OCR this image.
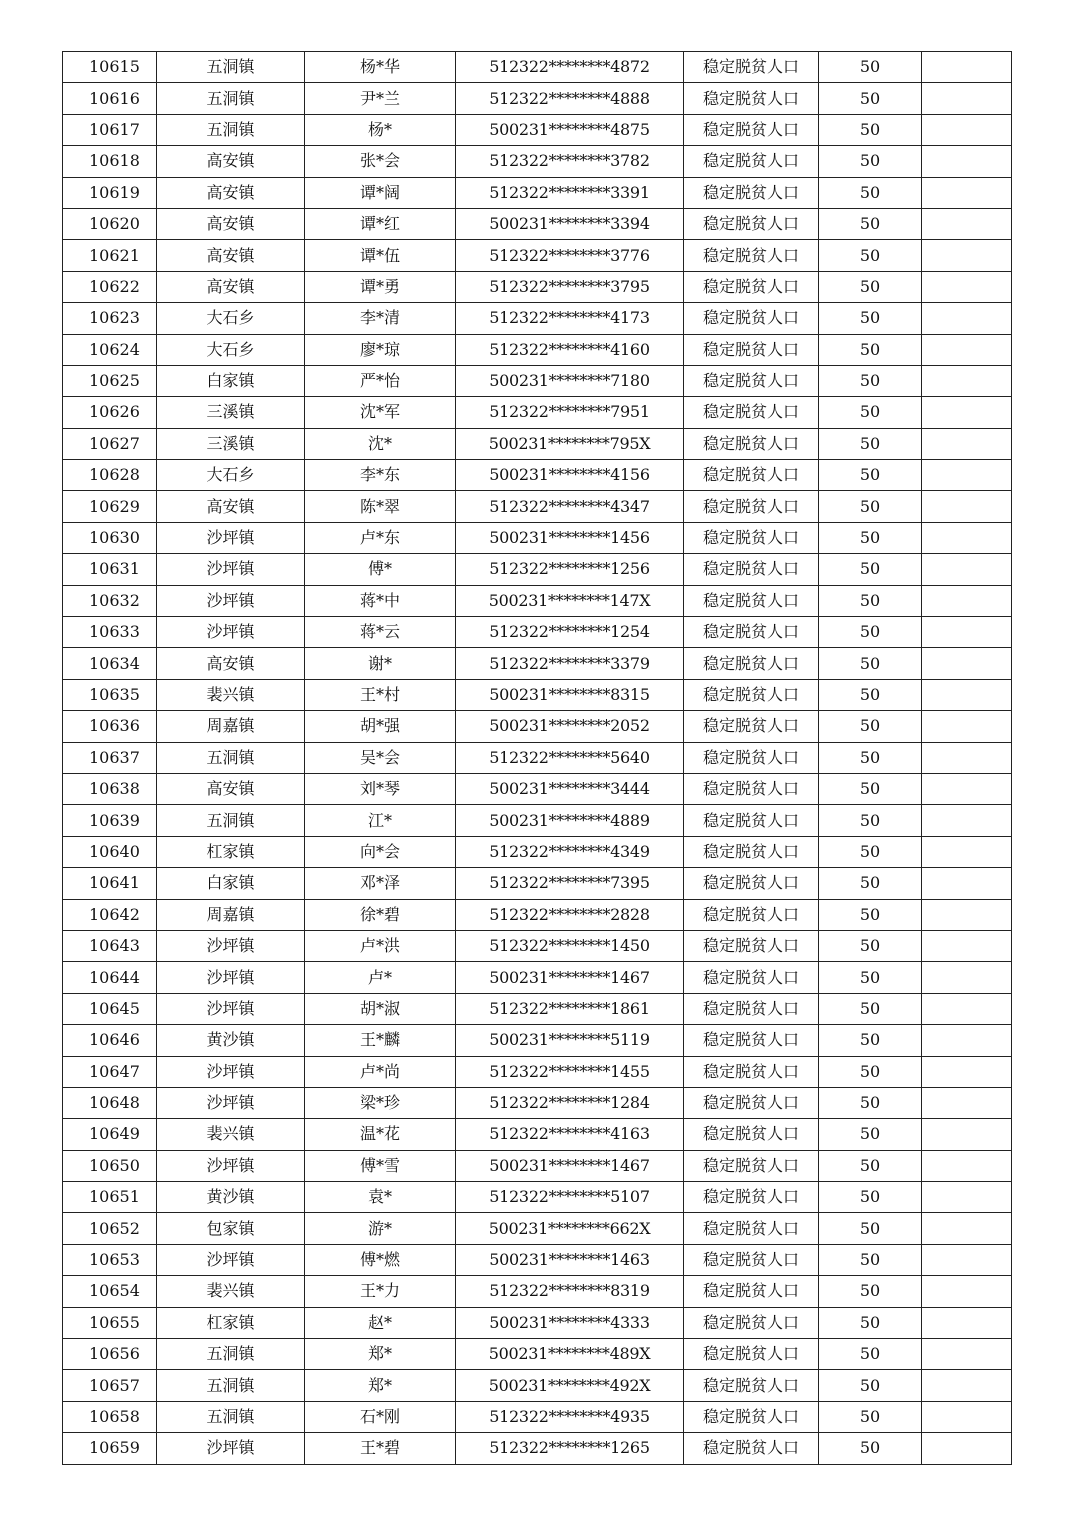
10615	五洞镇	杨*华	512322********4872	稳定脱贫人口	50	
10616	五洞镇	尹*兰	512322********4888	稳定脱贫人口	50	
10617	五洞镇	杨*	500231********4875	稳定脱贫人口	50	
10618	高安镇	张*会	512322********3782	稳定脱贫人口	50	
10619	高安镇	谭*阔	512322********3391	稳定脱贫人口	50	
10620	高安镇	谭*红	500231********3394	稳定脱贫人口	50	
10621	高安镇	谭*伍	512322********3776	稳定脱贫人口	50	
10622	高安镇	谭*勇	512322********3795	稳定脱贫人口	50	
10623	大石乡	李*清	512322********4173	稳定脱贫人口	50	
10624	大石乡	廖*琼	512322********4160	稳定脱贫人口	50	
10625	白家镇	严*怡	500231********7180	稳定脱贫人口	50	
10626	三溪镇	沈*军	512322********7951	稳定脱贫人口	50	
10627	三溪镇	沈*	500231********795X	稳定脱贫人口	50	
10628	大石乡	李*东	500231********4156	稳定脱贫人口	50	
10629	高安镇	陈*翠	512322********4347	稳定脱贫人口	50	
10630	沙坪镇	卢*东	500231********1456	稳定脱贫人口	50	
10631	沙坪镇	傅*	512322********1256	稳定脱贫人口	50	
10632	沙坪镇	蒋*中	500231********147X	稳定脱贫人口	50	
10633	沙坪镇	蒋*云	512322********1254	稳定脱贫人口	50	
10634	高安镇	谢*	512322********3379	稳定脱贫人口	50	
10635	裴兴镇	王*村	500231********8315	稳定脱贫人口	50	
10636	周嘉镇	胡*强	500231********2052	稳定脱贫人口	50	
10637	五洞镇	吴*会	512322********5640	稳定脱贫人口	50	
10638	高安镇	刘*琴	500231********3444	稳定脱贫人口	50	
10639	五洞镇	江*	500231********4889	稳定脱贫人口	50	
10640	杠家镇	向*会	512322********4349	稳定脱贫人口	50	
10641	白家镇	邓*泽	512322********7395	稳定脱贫人口	50	
10642	周嘉镇	徐*碧	512322********2828	稳定脱贫人口	50	
10643	沙坪镇	卢*洪	512322********1450	稳定脱贫人口	50	
10644	沙坪镇	卢*	500231********1467	稳定脱贫人口	50	
10645	沙坪镇	胡*淑	512322********1861	稳定脱贫人口	50	
10646	黄沙镇	王*麟	500231********5119	稳定脱贫人口	50	
10647	沙坪镇	卢*尚	512322********1455	稳定脱贫人口	50	
10648	沙坪镇	梁*珍	512322********1284	稳定脱贫人口	50	
10649	裴兴镇	温*花	512322********4163	稳定脱贫人口	50	
10650	沙坪镇	傅*雪	500231********1467	稳定脱贫人口	50	
10651	黄沙镇	袁*	512322********5107	稳定脱贫人口	50	
10652	包家镇	游*	500231********662X	稳定脱贫人口	50	
10653	沙坪镇	傅*燃	500231********1463	稳定脱贫人口	50	
10654	裴兴镇	王*力	512322********8319	稳定脱贫人口	50	
10655	杠家镇	赵*	500231********4333	稳定脱贫人口	50	
10656	五洞镇	郑*	500231********489X	稳定脱贫人口	50	
10657	五洞镇	郑*	500231********492X	稳定脱贫人口	50	
10658	五洞镇	石*刚	512322********4935	稳定脱贫人口	50	
10659	沙坪镇	王*碧	512322********1265	稳定脱贫人口	50	
